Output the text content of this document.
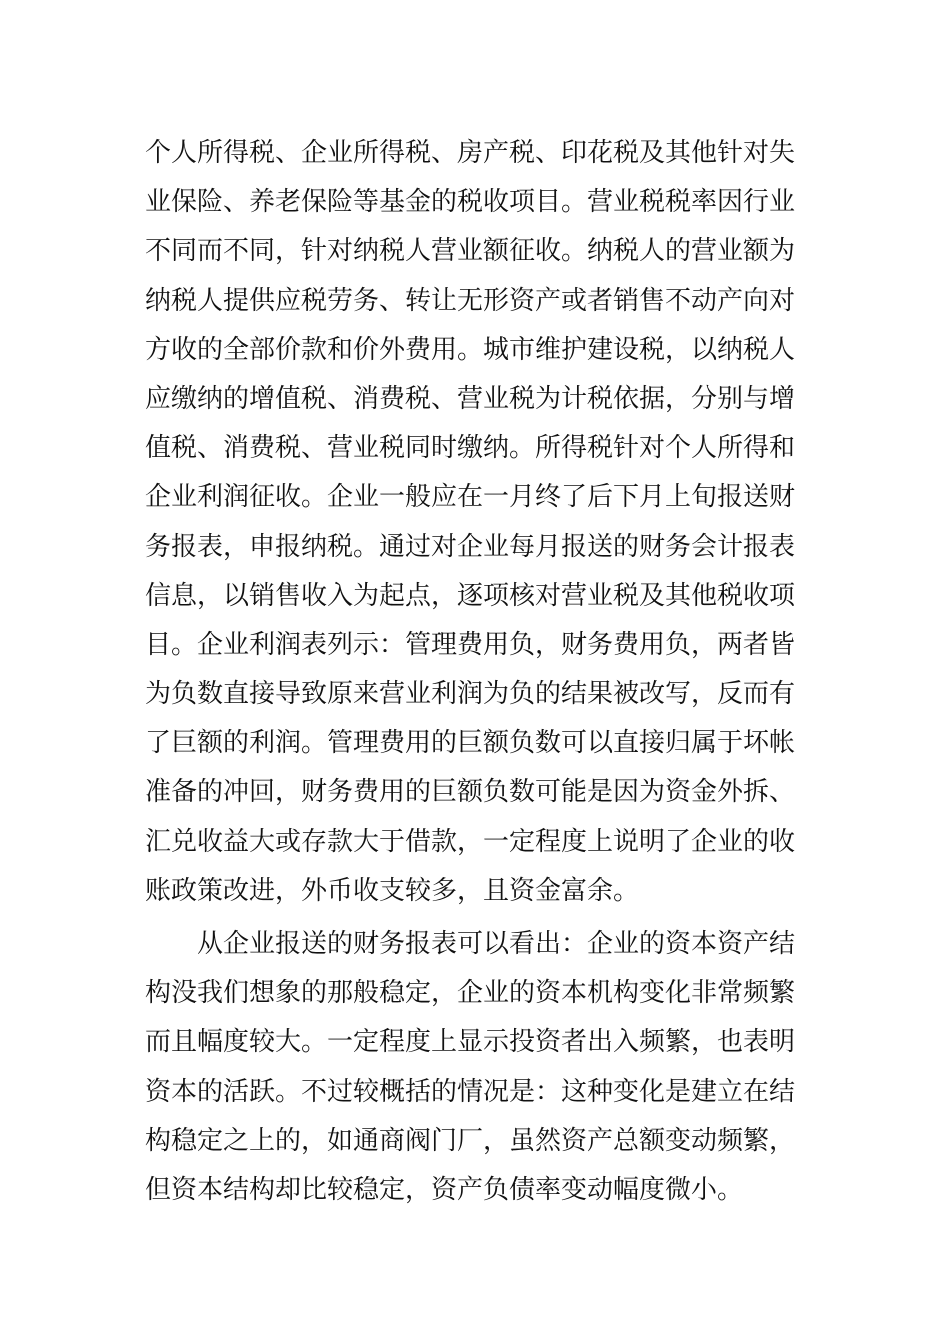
个人所得税、企业所得税、房产税、印花税及其他针对失
业保险、养老保险等基金的税收项目。营业税税率因行业
不同而不同，针对纳税人营业额征收。纳税人的营业额为
纳税人提供应税劳务、转让无形资产或者销售不动产向对
方收的全部价款和价外费用。城市维护建设税，以纳税人
应缴纳的增值税、消费税、营业税为计税依据，分别与增
值税、消费税、营业税同时缴纳。所得税针对个人所得和
企业利润征收。企业一般应在一月终了后下月上旬报送财
务报表，申报纳税。通过对企业每月报送的财务会计报表
信息，以销售收入为起点，逐项核对营业税及其他税收项
目。企业利润表列示：管理费用负，财务费用负，两者皆
为负数直接导致原来营业利润为负的结果被改写，反而有
了巨额的利润。管理费用的巨额负数可以直接归属于坏帐
准备的冲回，财务费用的巨额负数可能是因为资金外拆、
汇兑收益大或存款大于借款，一定程度上说明了企业的收
账政策改进，外币收支较多，且资金富余。
从企业报送的财务报表可以看出：企业的资本资产结
构没我们想象的那般稳定，企业的资本机构变化非常频繁
而且幅度较大。一定程度上显示投资者出入频繁，也表明
资本的活跃。不过较概括的情况是：这种变化是建立在结
构稳定之上的，如通商阀门厂，虽然资产总额变动频繁，
但资本结构却比较稳定，资产负债率变动幅度微小。
